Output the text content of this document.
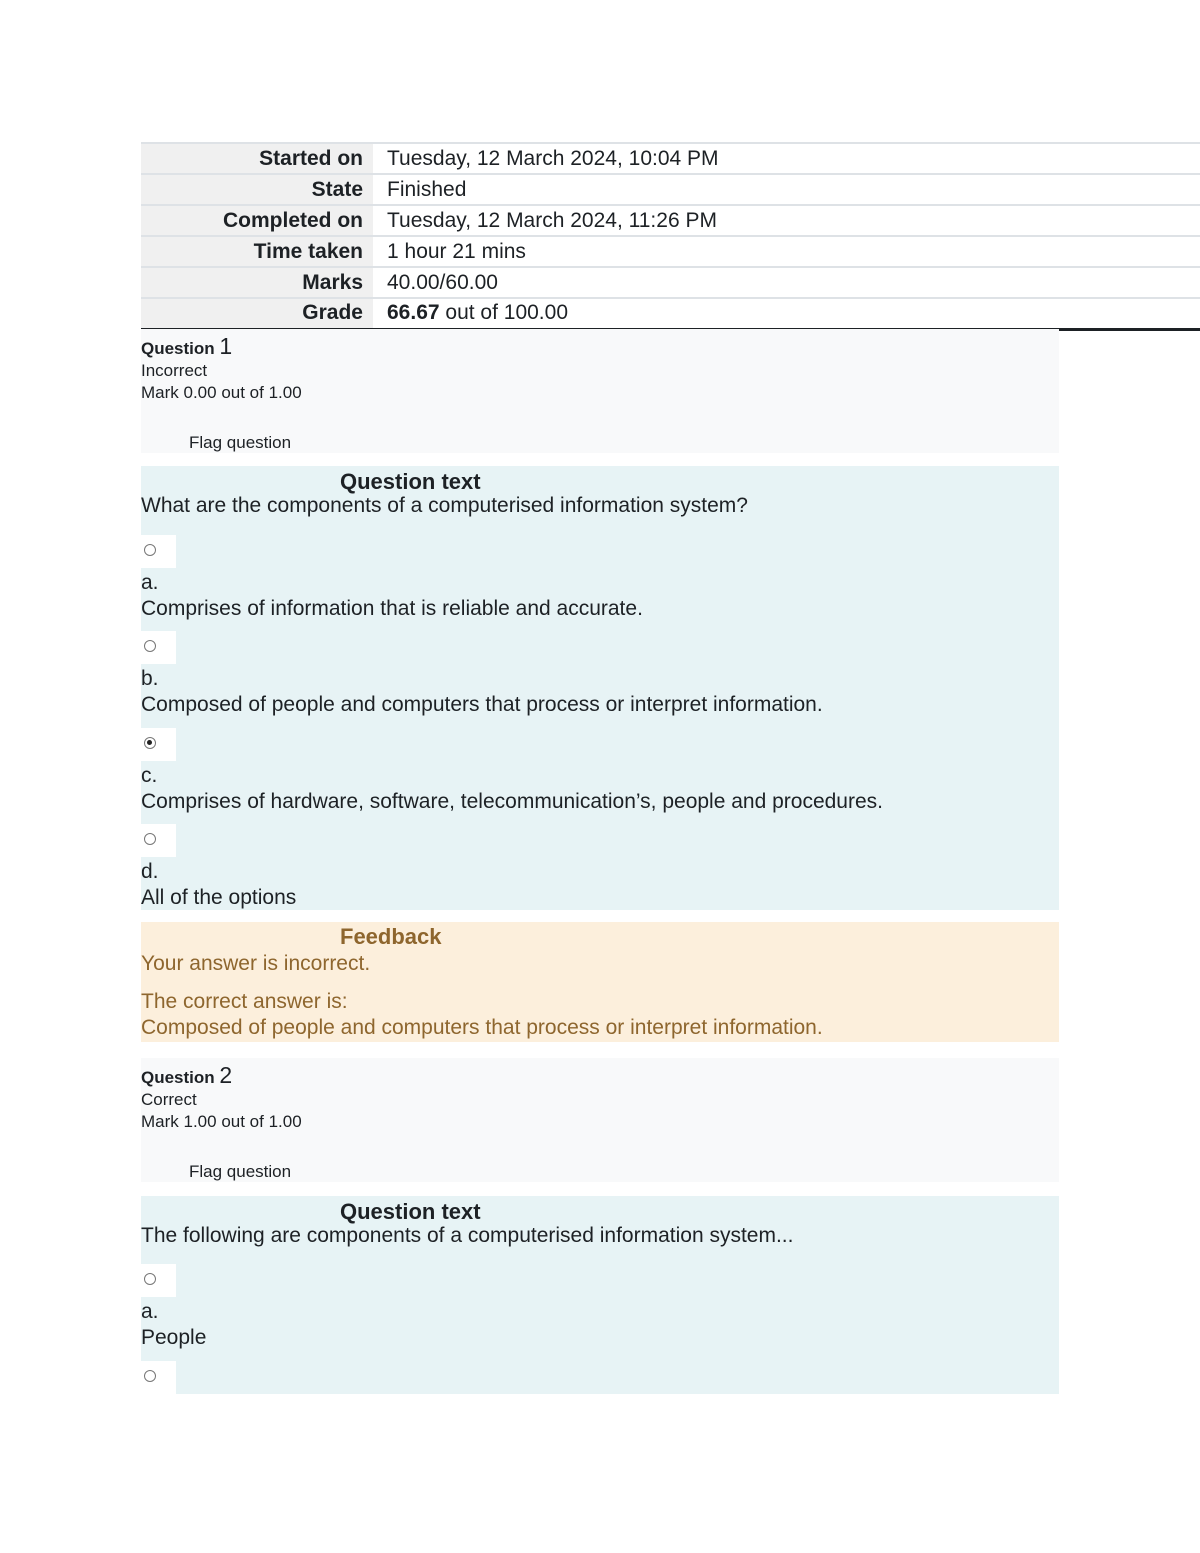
Started on	Tuesday, 12 March 2024, 10:04 PM
State	Finished
Completed on	Tuesday, 12 March 2024, 11:26 PM
Time taken	1 hour 21 mins
Marks	40.00/60.00
Grade	66.67 out of 100.00
Question 1
Incorrect
Mark 0.00 out of 1.00
Flag question
Question text
What are the components of a computerised information system?
a.
Comprises of information that is reliable and accurate.
b.
Composed of people and computers that process or interpret information.
c.
Comprises of hardware, software, telecommunication’s, people and procedures.
d.
All of the options
Feedback
Your answer is incorrect.
The correct answer is:
Composed of people and computers that process or interpret information.
Question 2
Correct
Mark 1.00 out of 1.00
Flag question
Question text
The following are components of a computerised information system...
a.
People
